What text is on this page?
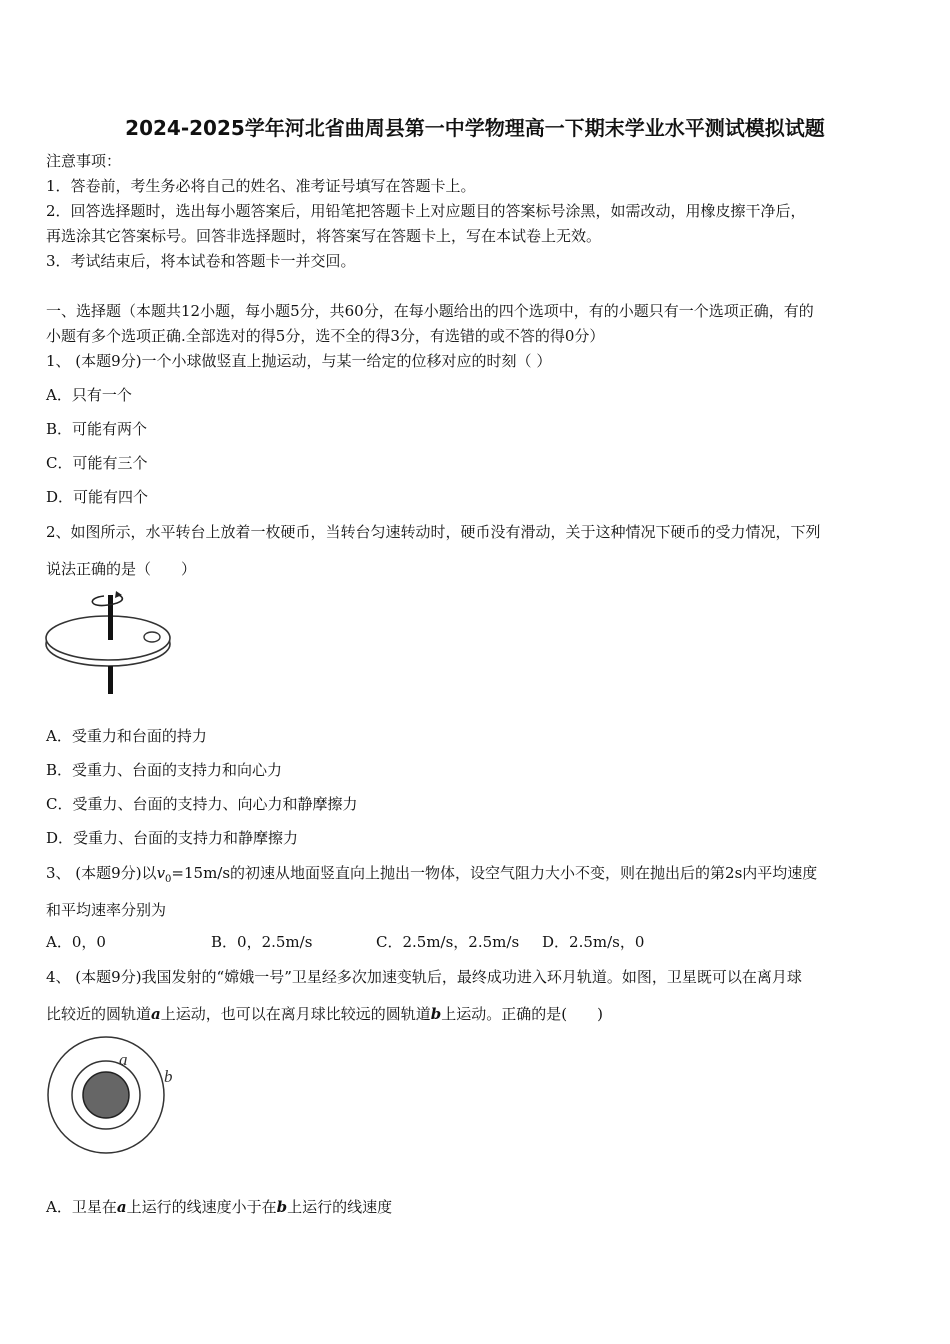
2024-2025学年河北省曲周县第一中学物理高一下期末学业水平测试模拟试题
注意事项：
1．答卷前，考生务必将自己的姓名、准考证号填写在答题卡上。
2．回答选择题时，选出每小题答案后，用铅笔把答题卡上对应题目的答案标号涂黑，如需改动，用橡皮擦干净后，
再选涂其它答案标号。回答非选择题时，将答案写在答题卡上，写在本试卷上无效。
3．考试结束后，将本试卷和答题卡一并交回。
一、选择题（本题共12小题，每小题5分，共60分，在每小题给出的四个选项中，有的小题只有一个选项正确，有的
小题有多个选项正确.全部选对的得5分，选不全的得3分，有选错的或不答的得0分）
1、 (本题9分)一个小球做竖直上抛运动，与某一给定的位移对应的时刻（ ）
A．只有一个
B．可能有两个
C．可能有三个
D．可能有四个
2、如图所示，水平转台上放着一枚硬币，当转台匀速转动时，硬币没有滑动，关于这种情况下硬币的受力情况，下列
说法正确的是（　　）
A．受重力和台面的持力
B．受重力、台面的支持力和向心力
C．受重力、台面的支持力、向心力和静摩擦力
D．受重力、台面的支持力和静摩擦力
3、 (本题9分)以$v_0=15m/s$的初速从地面竖直向上抛出一物体，设空气阻力大小不变，则在抛出后的第2s内平均速度
和平均速率分别为
A．0，0	B．0，2.5m/s	C．2.5m/s，2.5m/s D．2.5m/s，0
4、 (本题9分)我国发射的“嫦娥一号”卫星经多次加速变轨后，最终成功进入环月轨道。如图，卫星既可以在离月球
比较近的圆轨道a上运动，也可以在离月球比较远的圆轨道b上运动。正确的是(　　)
a
b
A．卫星在a上运行的线速度小于在b上运行的线速度
